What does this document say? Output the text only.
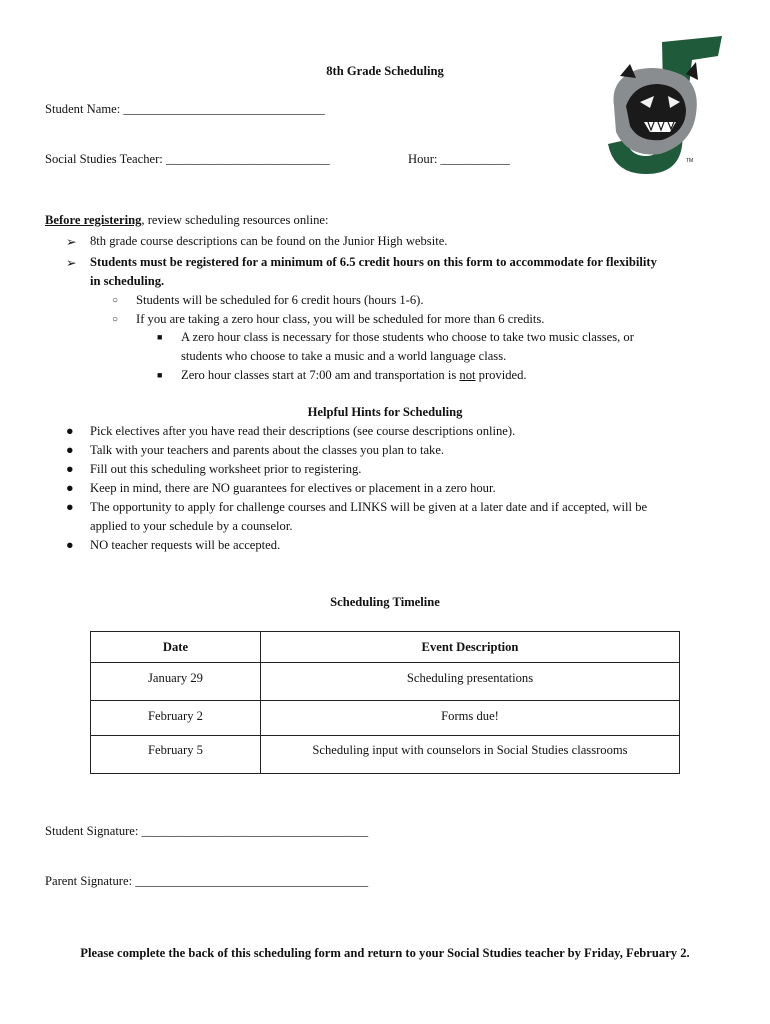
8th Grade Scheduling
TM
Student Name: ________________________________
Social Studies Teacher: __________________________	Hour: ___________
Before registering, review scheduling resources online:
➢	8th grade course descriptions can be found on the Junior High website.
➢	Students must be registered for a minimum of 6.5 credit hours on this form to accommodate for flexibility
in scheduling.
○	Students will be scheduled for 6 credit hours (hours 1-6).
○	If you are taking a zero hour class, you will be scheduled for more than 6 credits.
■	A zero hour class is necessary for those students who choose to take two music classes, or
students who choose to take a music and a world language class.
■	Zero hour classes start at 7:00 am and transportation is not provided.
Helpful Hints for Scheduling
●	Pick electives after you have read their descriptions (see course descriptions online).
●	Talk with your teachers and parents about the classes you plan to take.
●	Fill out this scheduling worksheet prior to registering.
●	Keep in mind, there are NO guarantees for electives or placement in a zero hour.
●	The opportunity to apply for challenge courses and LINKS will be given at a later date and if accepted, will be
applied to your schedule by a counselor.
●	NO teacher requests will be accepted.
Scheduling Timeline
Date	Event Description
January 29	Scheduling presentations
February 2	Forms due!
February 5	Scheduling input with counselors in Social Studies classrooms
Student Signature: ____________________________________
Parent Signature: _____________________________________
Please complete the back of this scheduling form and return to your Social Studies teacher by Friday, February 2.
